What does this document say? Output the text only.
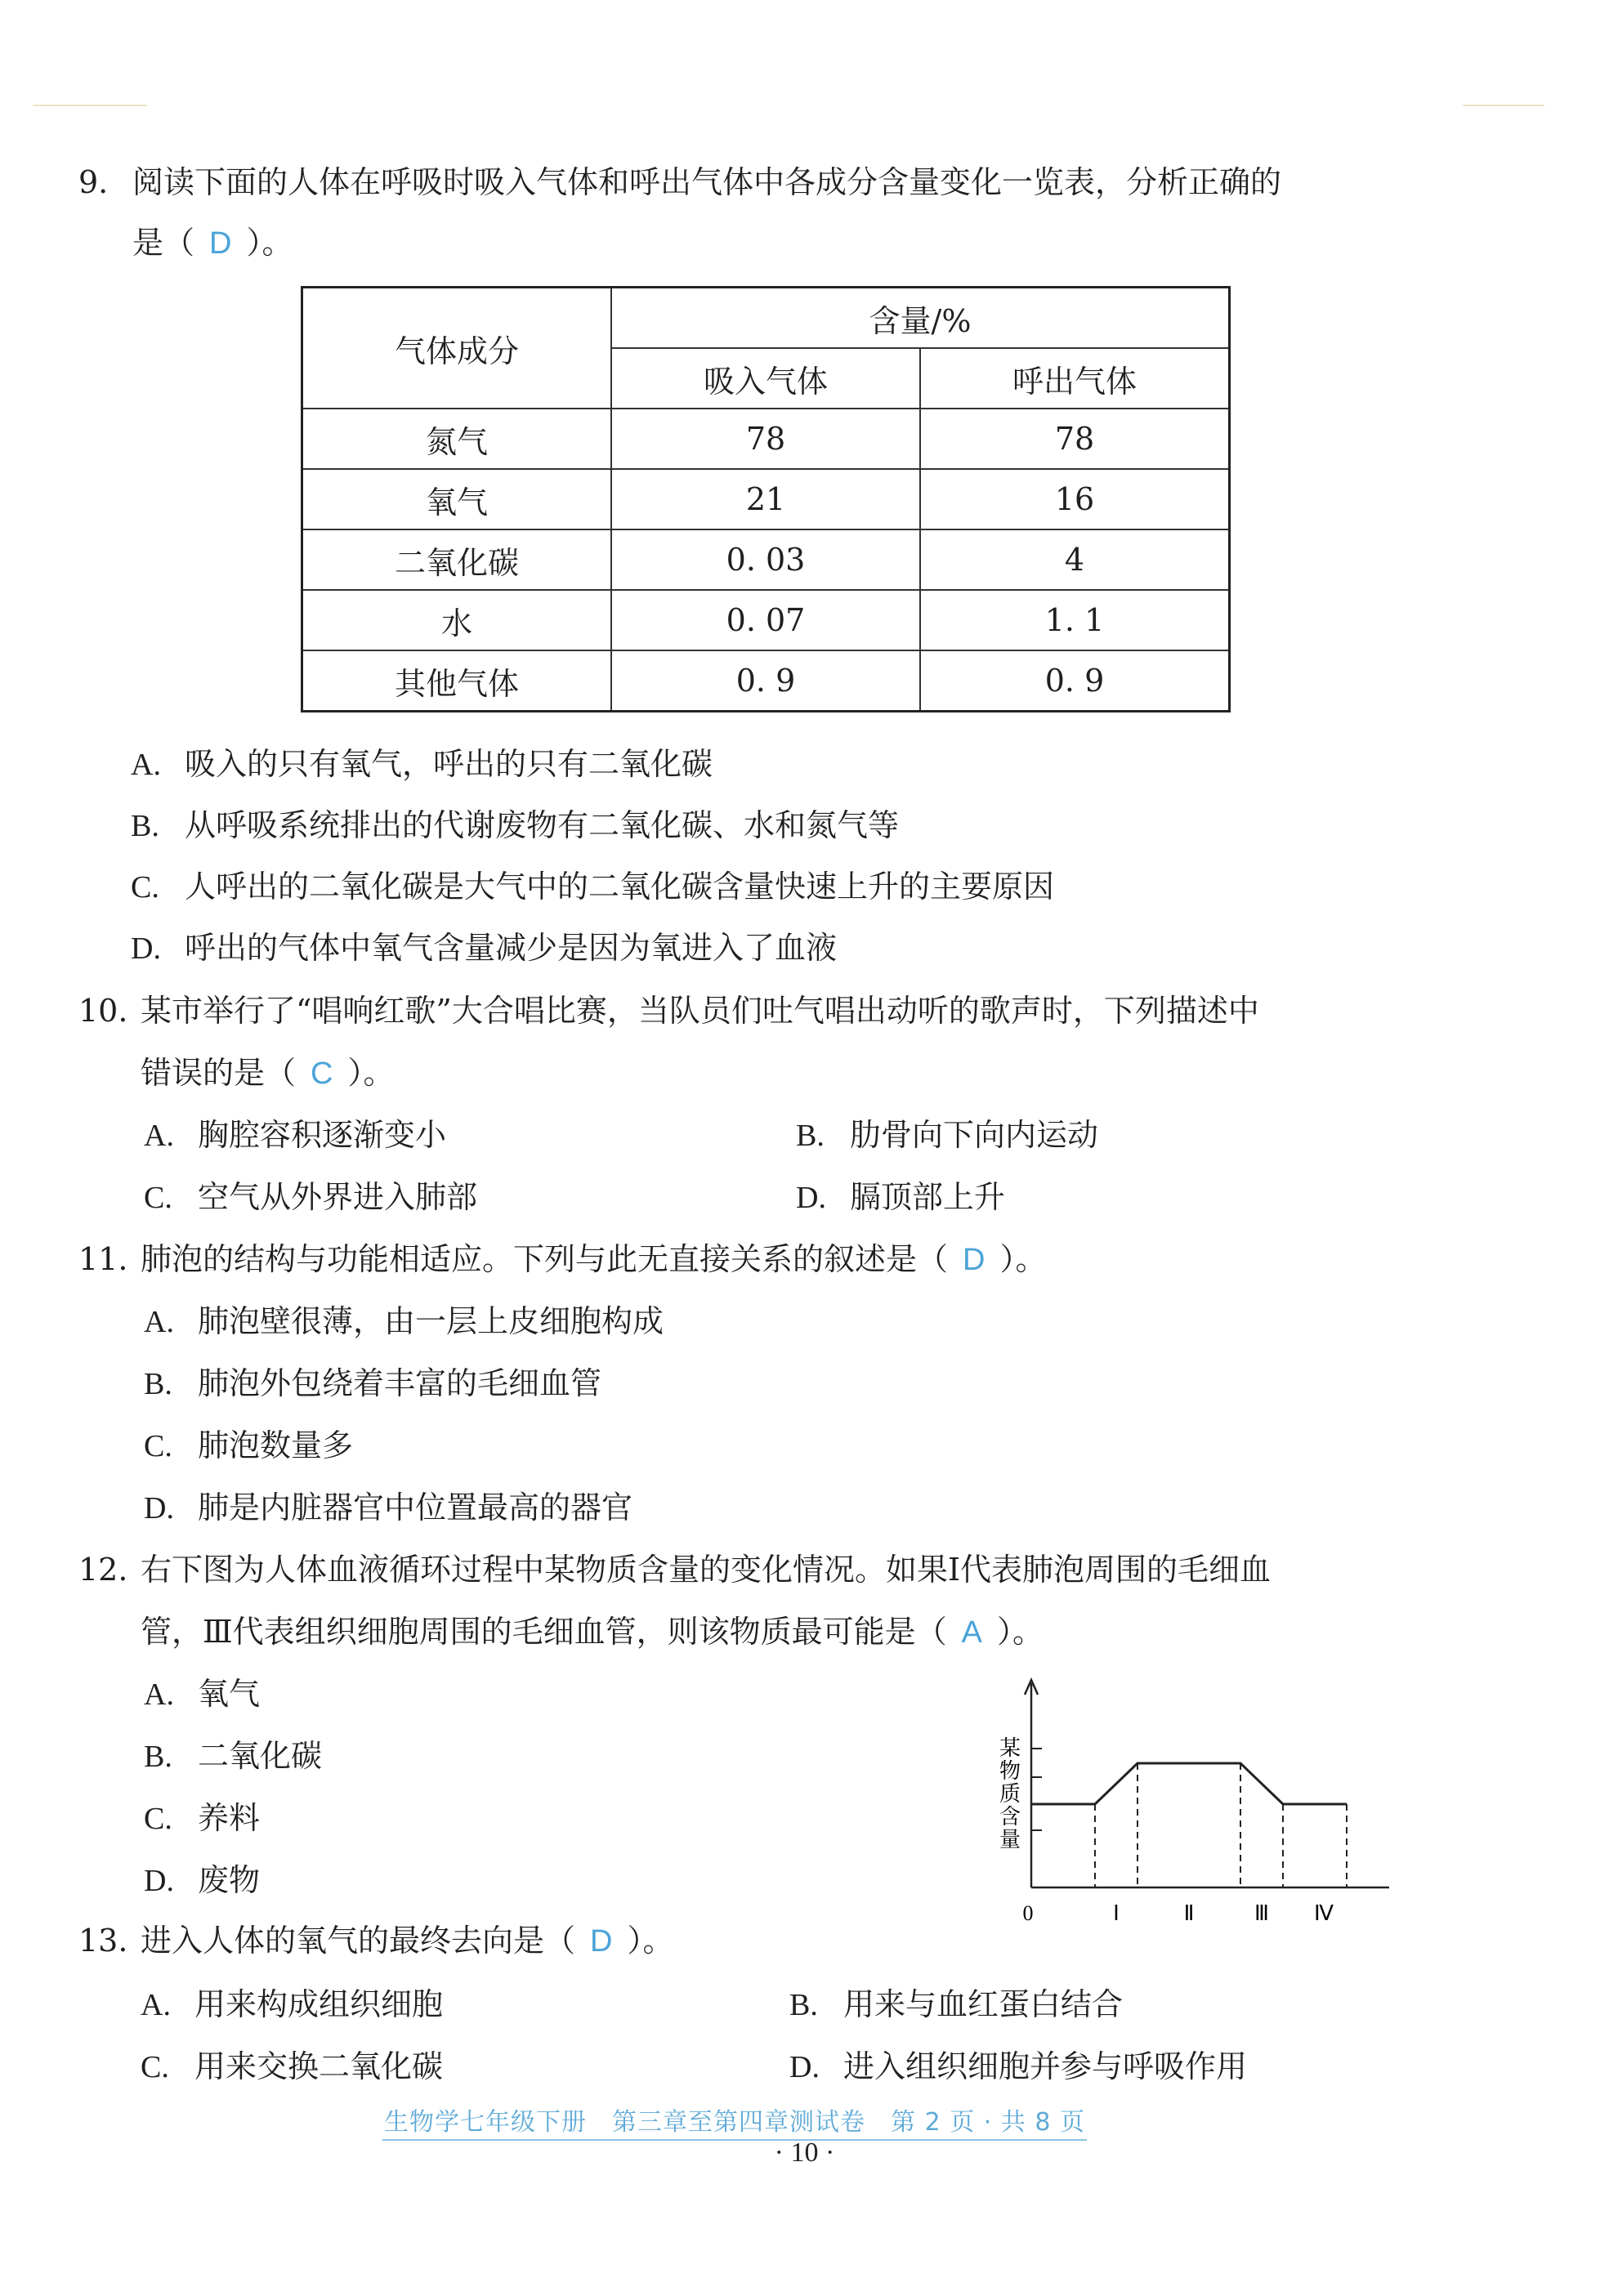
9. 阅读下面的人体在呼吸时吸入气体和呼出气体中各成分含量变化一览表，分析正确的
是（ D ）。
气体成分	含量/%	
	吸入气体	呼出气体
氮气	78	78
氧气	21	16
二氧化碳	0. 03	4
水	0. 07	1. 1
其他气体	0. 9	0. 9
A. 吸入的只有氧气，呼出的只有二氧化碳
B. 从呼吸系统排出的代谢废物有二氧化碳、水和氮气等
C. 人呼出的二氧化碳是大气中的二氧化碳含量快速上升的主要原因
D. 呼出的气体中氧气含量减少是因为氧进入了血液
10. 某市举行了“唱响红歌”大合唱比赛，当队员们吐气唱出动听的歌声时，下列描述中
错误的是（ C ）。
A. 胸腔容积逐渐变小	B. 肋骨向下向内运动
C. 空气从外界进入肺部	D. 膈顶部上升
11. 肺泡的结构与功能相适应。下列与此无直接关系的叙述是（ D ）。
A. 肺泡壁很薄，由一层上皮细胞构成
B. 肺泡外包绕着丰富的毛细血管
C. 肺泡数量多
D. 肺是内脏器官中位置最高的器官
12. 右下图为人体血液循环过程中某物质含量的变化情况。如果Ⅰ代表肺泡周围的毛细血
管，Ⅲ代表组织细胞周围的毛细血管，则该物质最可能是（ A ）。
A. 氧气
B. 二氧化碳
C. 养料
D. 废物
某
物
质
含
量
0	Ⅰ	Ⅱ	Ⅲ Ⅳ
13. 进入人体的氧气的最终去向是（ D ）。
A. 用来构成组织细胞	B. 用来与血红蛋白结合
C. 用来交换二氧化碳	D. 进入组织细胞并参与呼吸作用
生物学七年级下册　第三章至第四章测试卷　第 2 页 · 共 8 页
· 10 ·
